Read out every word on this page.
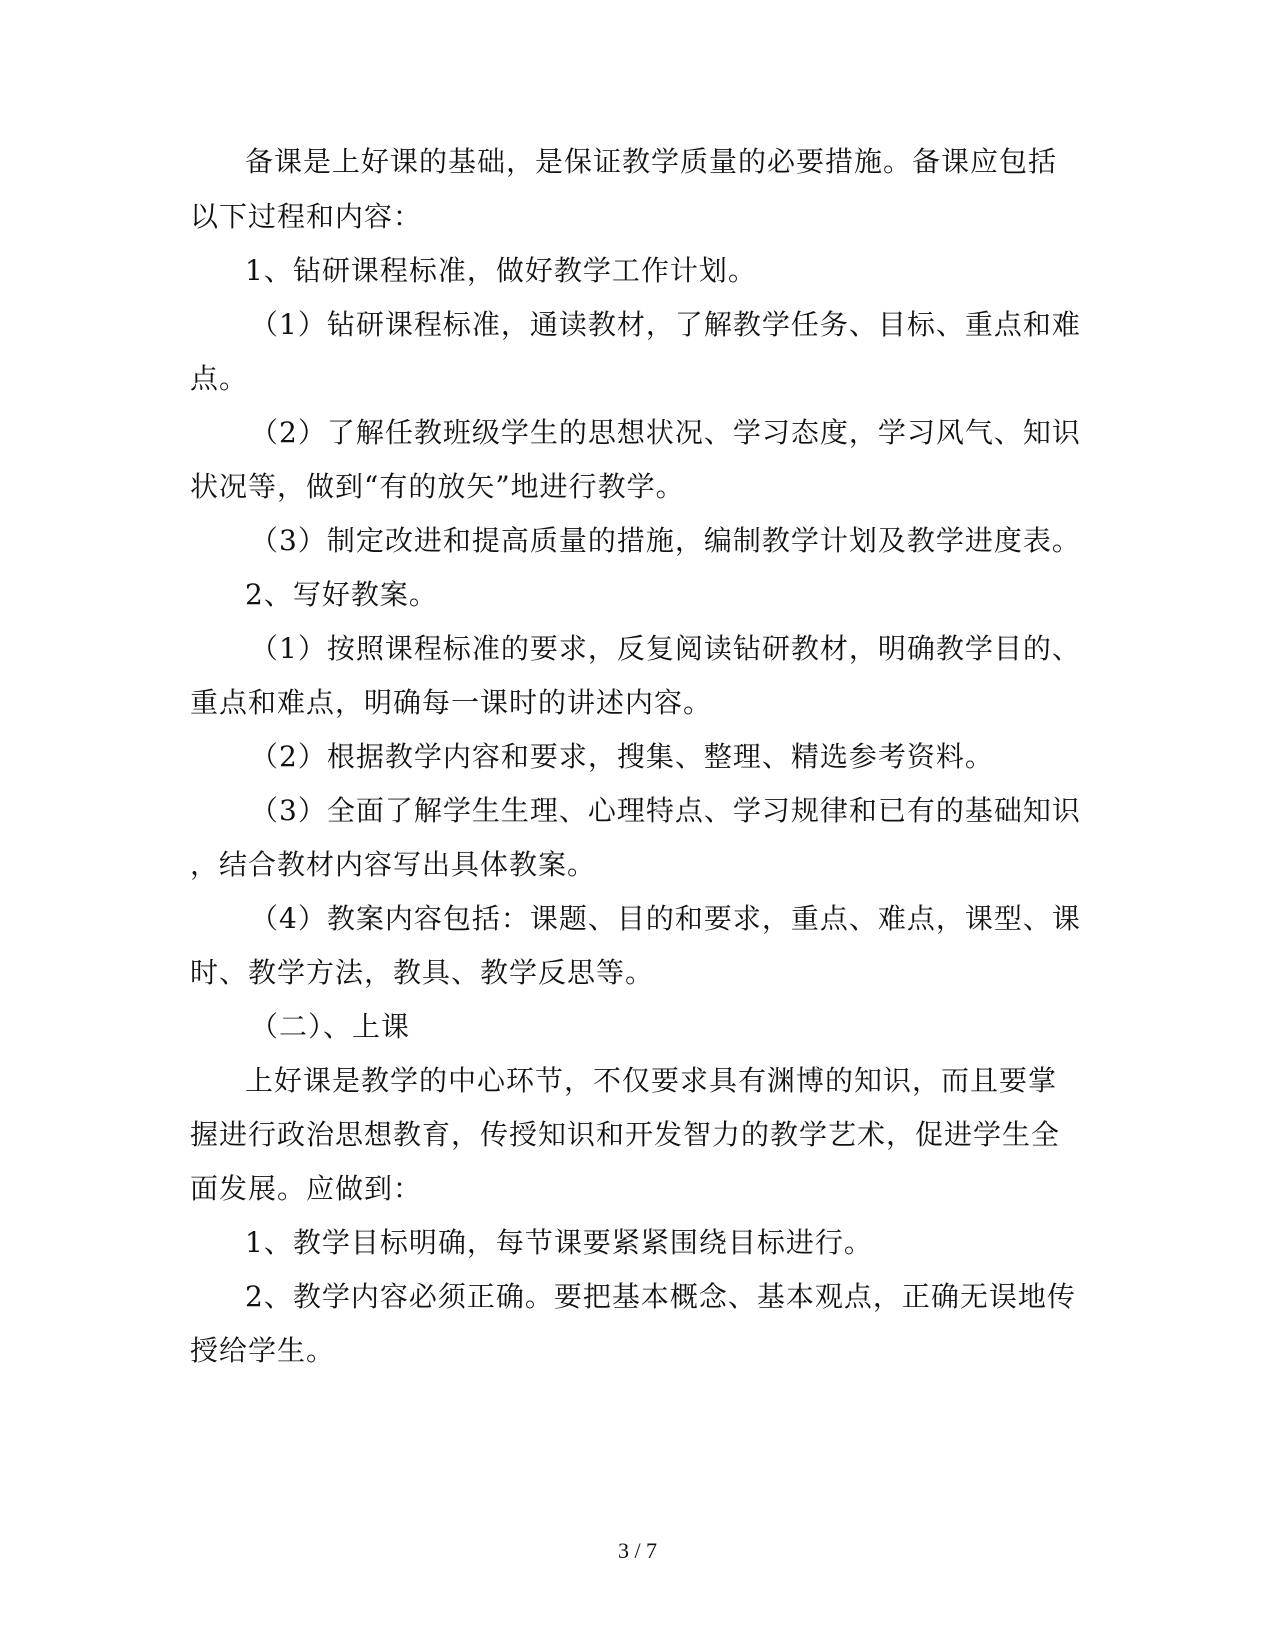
备课是上好课的基础，是保证教学质量的必要措施。备课应包括
以下过程和内容：
1、钻研课程标准，做好教学工作计划。
（1）钻研课程标准，通读教材，了解教学任务、目标、重点和难
点。
（2）了解任教班级学生的思想状况、学习态度，学习风气、知识
状况等，做到“有的放矢”地进行教学。
（3）制定改进和提高质量的措施，编制教学计划及教学进度表。
2、写好教案。
（1）按照课程标准的要求，反复阅读钻研教材，明确教学目的、
重点和难点，明确每一课时的讲述内容。
（2）根据教学内容和要求，搜集、整理、精选参考资料。
（3）全面了解学生生理、心理特点、学习规律和已有的基础知识
，结合教材内容写出具体教案。
（4）教案内容包括：课题、目的和要求，重点、难点，课型、课
时、教学方法，教具、教学反思等。
（二）、上课
上好课是教学的中心环节，不仅要求具有渊博的知识，而且要掌
握进行政治思想教育，传授知识和开发智力的教学艺术，促进学生全
面发展。应做到：
1、教学目标明确，每节课要紧紧围绕目标进行。
2、教学内容必须正确。要把基本概念、基本观点，正确无误地传
授给学生。
3 / 7
